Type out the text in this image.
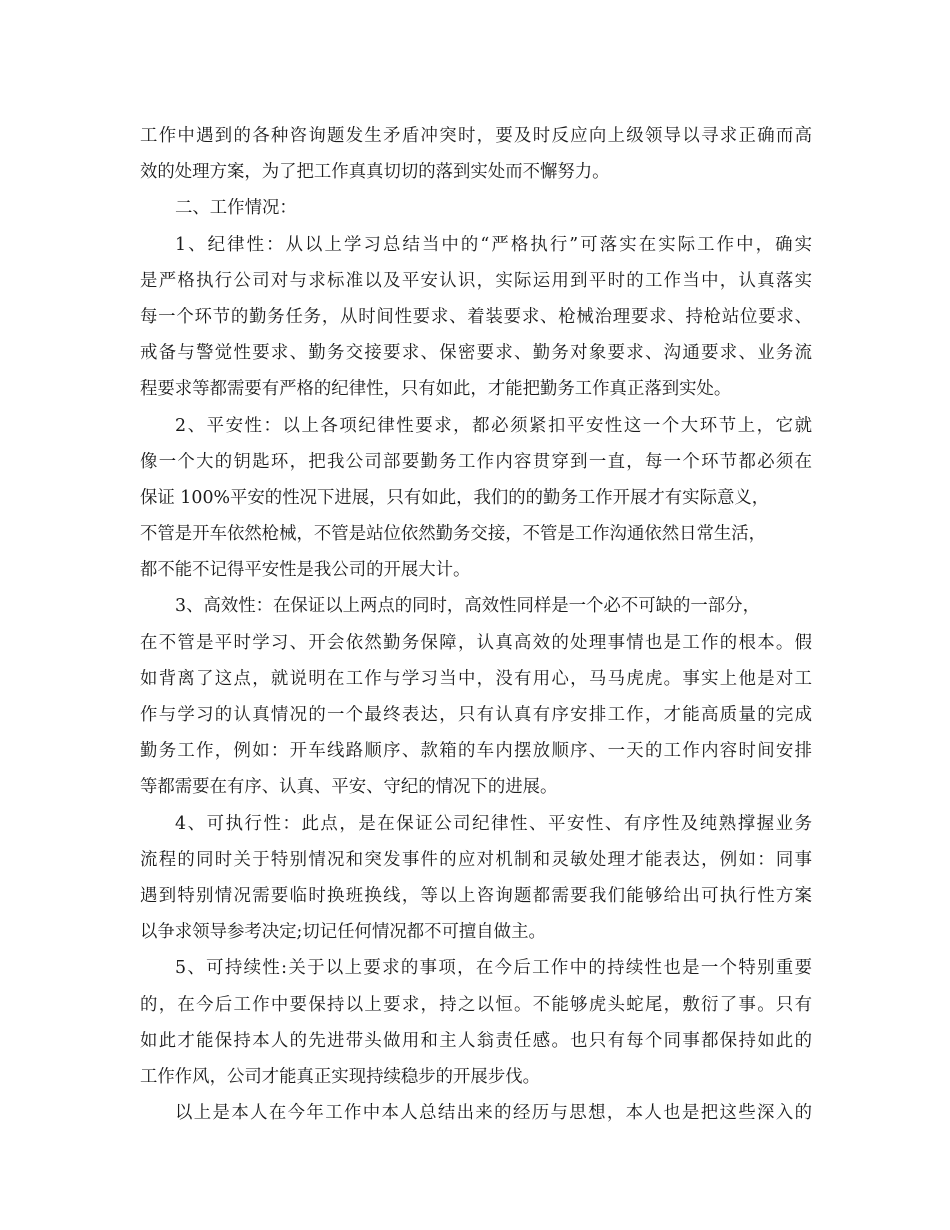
工作中遇到的各种咨询题发生矛盾冲突时，要及时反应向上级领导以寻求正确而高
效的处理方案，为了把工作真真切切的落到实处而不懈努力。
二、工作情况：
1、纪律性：从以上学习总结当中的“严格执行”可落实在实际工作中，确实
是严格执行公司对与求标准以及平安认识，实际运用到平时的工作当中，认真落实
每一个环节的勤务任务，从时间性要求、着装要求、枪械治理要求、持枪站位要求、
戒备与警觉性要求、勤务交接要求、保密要求、勤务对象要求、沟通要求、业务流
程要求等都需要有严格的纪律性，只有如此，才能把勤务工作真正落到实处。
2、平安性：以上各项纪律性要求，都必须紧扣平安性这一个大环节上，它就
像一个大的钥匙环，把我公司部要勤务工作内容贯穿到一直，每一个环节都必须在
保证 100%平安的性况下进展，只有如此，我们的的勤务工作开展才有实际意义，
不管是开车依然枪械，不管是站位依然勤务交接，不管是工作沟通依然日常生活，
都不能不记得平安性是我公司的开展大计。
3、高效性：在保证以上两点的同时，高效性同样是一个必不可缺的一部分，
在不管是平时学习、开会依然勤务保障，认真高效的处理事情也是工作的根本。假
如背离了这点，就说明在工作与学习当中，没有用心，马马虎虎。事实上他是对工
作与学习的认真情况的一个最终表达，只有认真有序安排工作，才能高质量的完成
勤务工作，例如：开车线路顺序、款箱的车内摆放顺序、一天的工作内容时间安排
等都需要在有序、认真、平安、守纪的情况下的进展。
4、可执行性：此点，是在保证公司纪律性、平安性、有序性及纯熟撑握业务
流程的同时关于特别情况和突发事件的应对机制和灵敏处理才能表达，例如：同事
遇到特别情况需要临时换班换线，等以上咨询题都需要我们能够给出可执行性方案
以争求领导参考决定;切记任何情况都不可擅自做主。
5、可持续性:关于以上要求的事项，在今后工作中的持续性也是一个特别重要
的，在今后工作中要保持以上要求，持之以恒。不能够虎头蛇尾，敷衍了事。只有
如此才能保持本人的先进带头做用和主人翁责任感。也只有每个同事都保持如此的
工作作风，公司才能真正实现持续稳步的开展步伐。
以上是本人在今年工作中本人总结出来的经历与思想，本人也是把这些深入的
